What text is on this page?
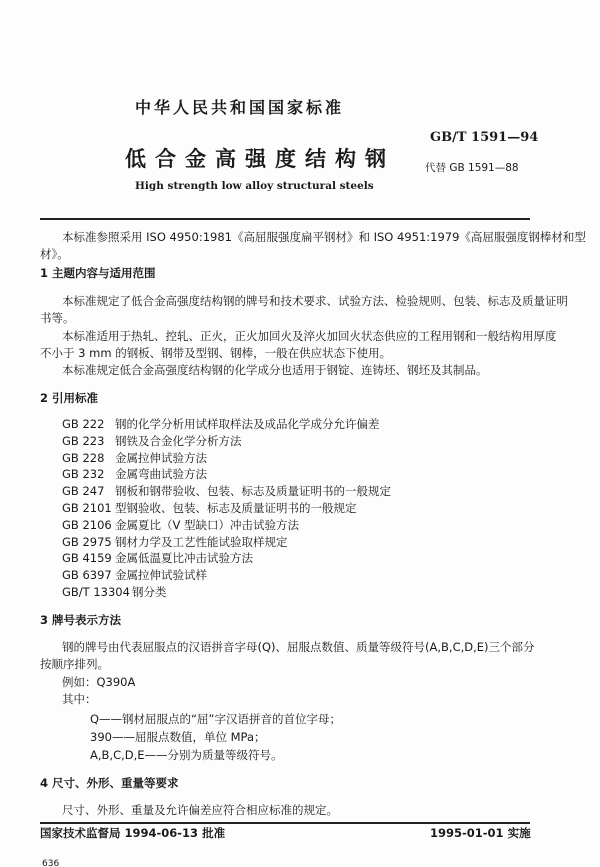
中华人民共和国国家标准
GB/T 1591—94
低合金高强度结构钢	代替 GB 1591—88
High strength low alloy structural steels
本标准参照采用 ISO 4950:1981《高屈服强度扁平钢材》和 ISO 4951:1979《高屈服强度钢棒材和型
材》。
1 主题内容与适用范围
本标准规定了低合金高强度结构钢的牌号和技术要求、试验方法、检验规则、包装、标志及质量证明
书等。
本标准适用于热轧、控轧、正火，正火加回火及淬火加回火状态供应的工程用钢和一般结构用厚度
不小于 3 mm 的钢板、钢带及型钢、钢棒，一般在供应状态下使用。
本标准规定低合金高强度结构钢的化学成分也适用于钢锭、连铸坯、钢坯及其制品。
2 引用标准
GB 222 钢的化学分析用试样取样法及成品化学成分允许偏差
GB 223 钢铁及合金化学分析方法
GB 228 金属拉伸试验方法
GB 232 金属弯曲试验方法
GB 247 钢板和钢带验收、包装、标志及质量证明书的一般规定
GB 2101 型钢验收、包装、标志及质量证明书的一般规定
GB 2106 金属夏比（V 型缺口）冲击试验方法
GB 2975 钢材力学及工艺性能试验取样规定
GB 4159 金属低温夏比冲击试验方法
GB 6397 金属拉伸试验试样
GB/T 13304 钢分类
3 牌号表示方法
钢的牌号由代表屈服点的汉语拼音字母(Q)、屈服点数值、质量等级符号(A,B,C,D,E)三个部分
按顺序排列。
例如：Q390A
其中：
Q——钢材屈服点的“屈”字汉语拼音的首位字母；
390——屈服点数值，单位 MPa；
A,B,C,D,E——分别为质量等级符号。
4 尺寸、外形、重量等要求
尺寸、外形、重量及允许偏差应符合相应标准的规定。
国家技术监督局 1994-06-13 批准	1995-01-01 实施
636
